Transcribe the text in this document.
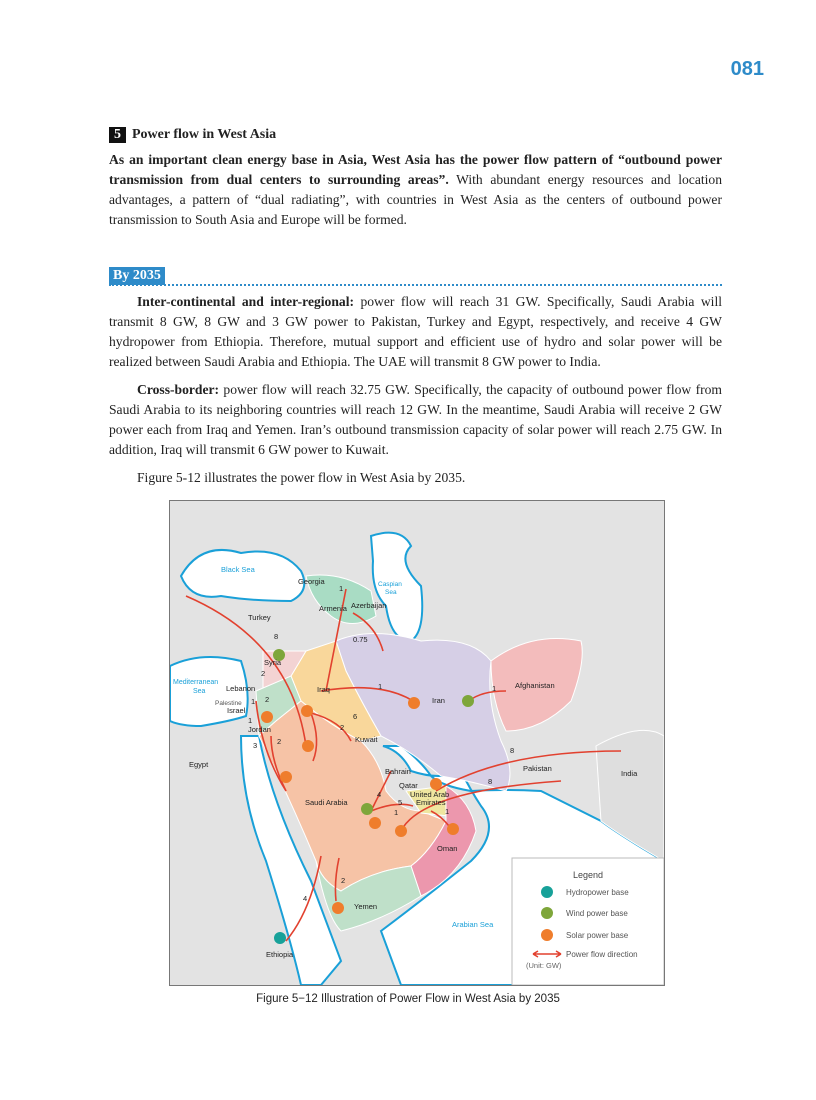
081
5 Power flow in West Asia
As an important clean energy base in Asia, West Asia has the power flow pattern of “outbound power transmission from dual centers to surrounding areas”. With abundant energy resources and location advantages, a pattern of “dual radiating”, with countries in West Asia as the centers of outbound power transmission to South Asia and Europe will be formed.
By 2035
Inter-continental and inter-regional: power flow will reach 31 GW. Specifically, Saudi Arabia will transmit 8 GW, 8 GW and 3 GW power to Pakistan, Turkey and Egypt, respectively, and receive 4 GW hydropower from Ethiopia. Therefore, mutual support and efficient use of hydro and solar power will be realized between Saudi Arabia and Ethiopia. The UAE will transmit 8 GW power to India.
Cross-border: power flow will reach 32.75 GW. Specifically, the capacity of outbound power flow from Saudi Arabia to its neighboring countries will reach 12 GW. In the meantime, Saudi Arabia will receive 2 GW power each from Iraq and Yemen. Iran’s outbound transmission capacity of solar power will reach 2.75 GW. In addition, Iraq will transmit 6 GW power to Kuwait.
Figure 5-12 illustrates the power flow in West Asia by 2035.
Black Sea
Caspian
Sea
Mediterranean
Sea
Arabian Sea
Georgia
Armenia Azerbaijan
Turkey
Syria
Lebanon
Palestine
Israel
Jordan
Iraq
Iran
Afghanistan
Kuwait
Egypt	Pakistan
India
Bahrain
Qatar
United Arab
Emirates
Saudi Arabia
Oman
Yemen
Ethiopia
1
8	0.75
2
2
1
1
1
6
2
1
3	2
8
8
4
5
1	1
2
4
Legend
Hydropower base
Wind power base
Solar power base
Power flow direction
(Unit: GW)
Figure 5−12 Illustration of Power Flow in West Asia by 2035
